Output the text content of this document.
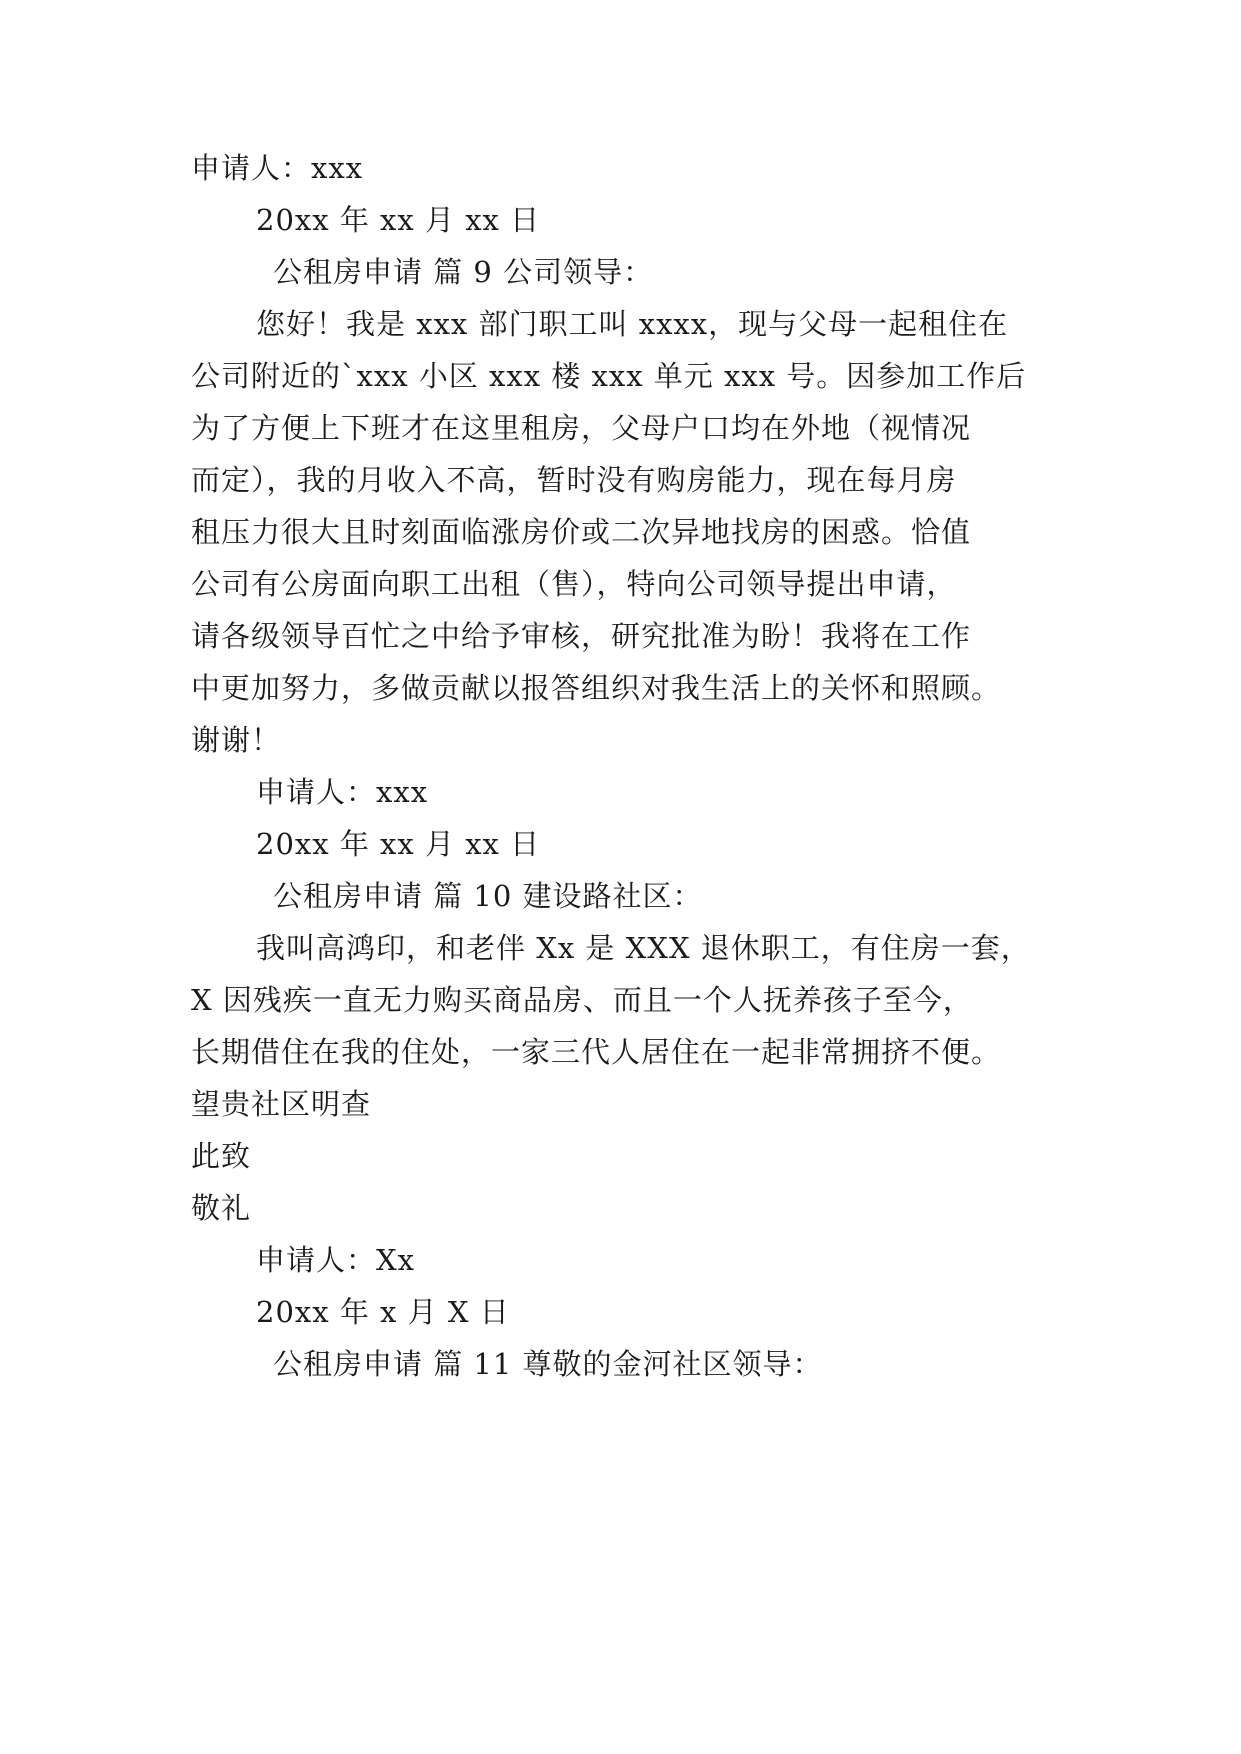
申请人：xxx
20xx 年 xx 月 xx 日
公租房申请 篇 9 公司领导：
您好！我是 xxx 部门职工叫 xxxx，现与父母一起租住在
公司附近的`xxx 小区 xxx 楼 xxx 单元 xxx 号。因参加工作后
为了方便上下班才在这里租房，父母户口均在外地（视情况
而定），我的月收入不高，暂时没有购房能力，现在每月房
租压力很大且时刻面临涨房价或二次异地找房的困惑。恰值
公司有公房面向职工出租（售），特向公司领导提出申请，
请各级领导百忙之中给予审核，研究批准为盼！我将在工作
中更加努力，多做贡献以报答组织对我生活上的关怀和照顾。
谢谢！
申请人：xxx
20xx 年 xx 月 xx 日
公租房申请 篇 10 建设路社区：
我叫高鸿印，和老伴 Xx 是 XXX 退休职工，有住房一套，
X 因残疾一直无力购买商品房、而且一个人抚养孩子至今，
长期借住在我的住处，一家三代人居住在一起非常拥挤不便。
望贵社区明查
此致
敬礼
申请人：Xx
20xx 年 x 月 X 日
公租房申请 篇 11 尊敬的金河社区领导：
